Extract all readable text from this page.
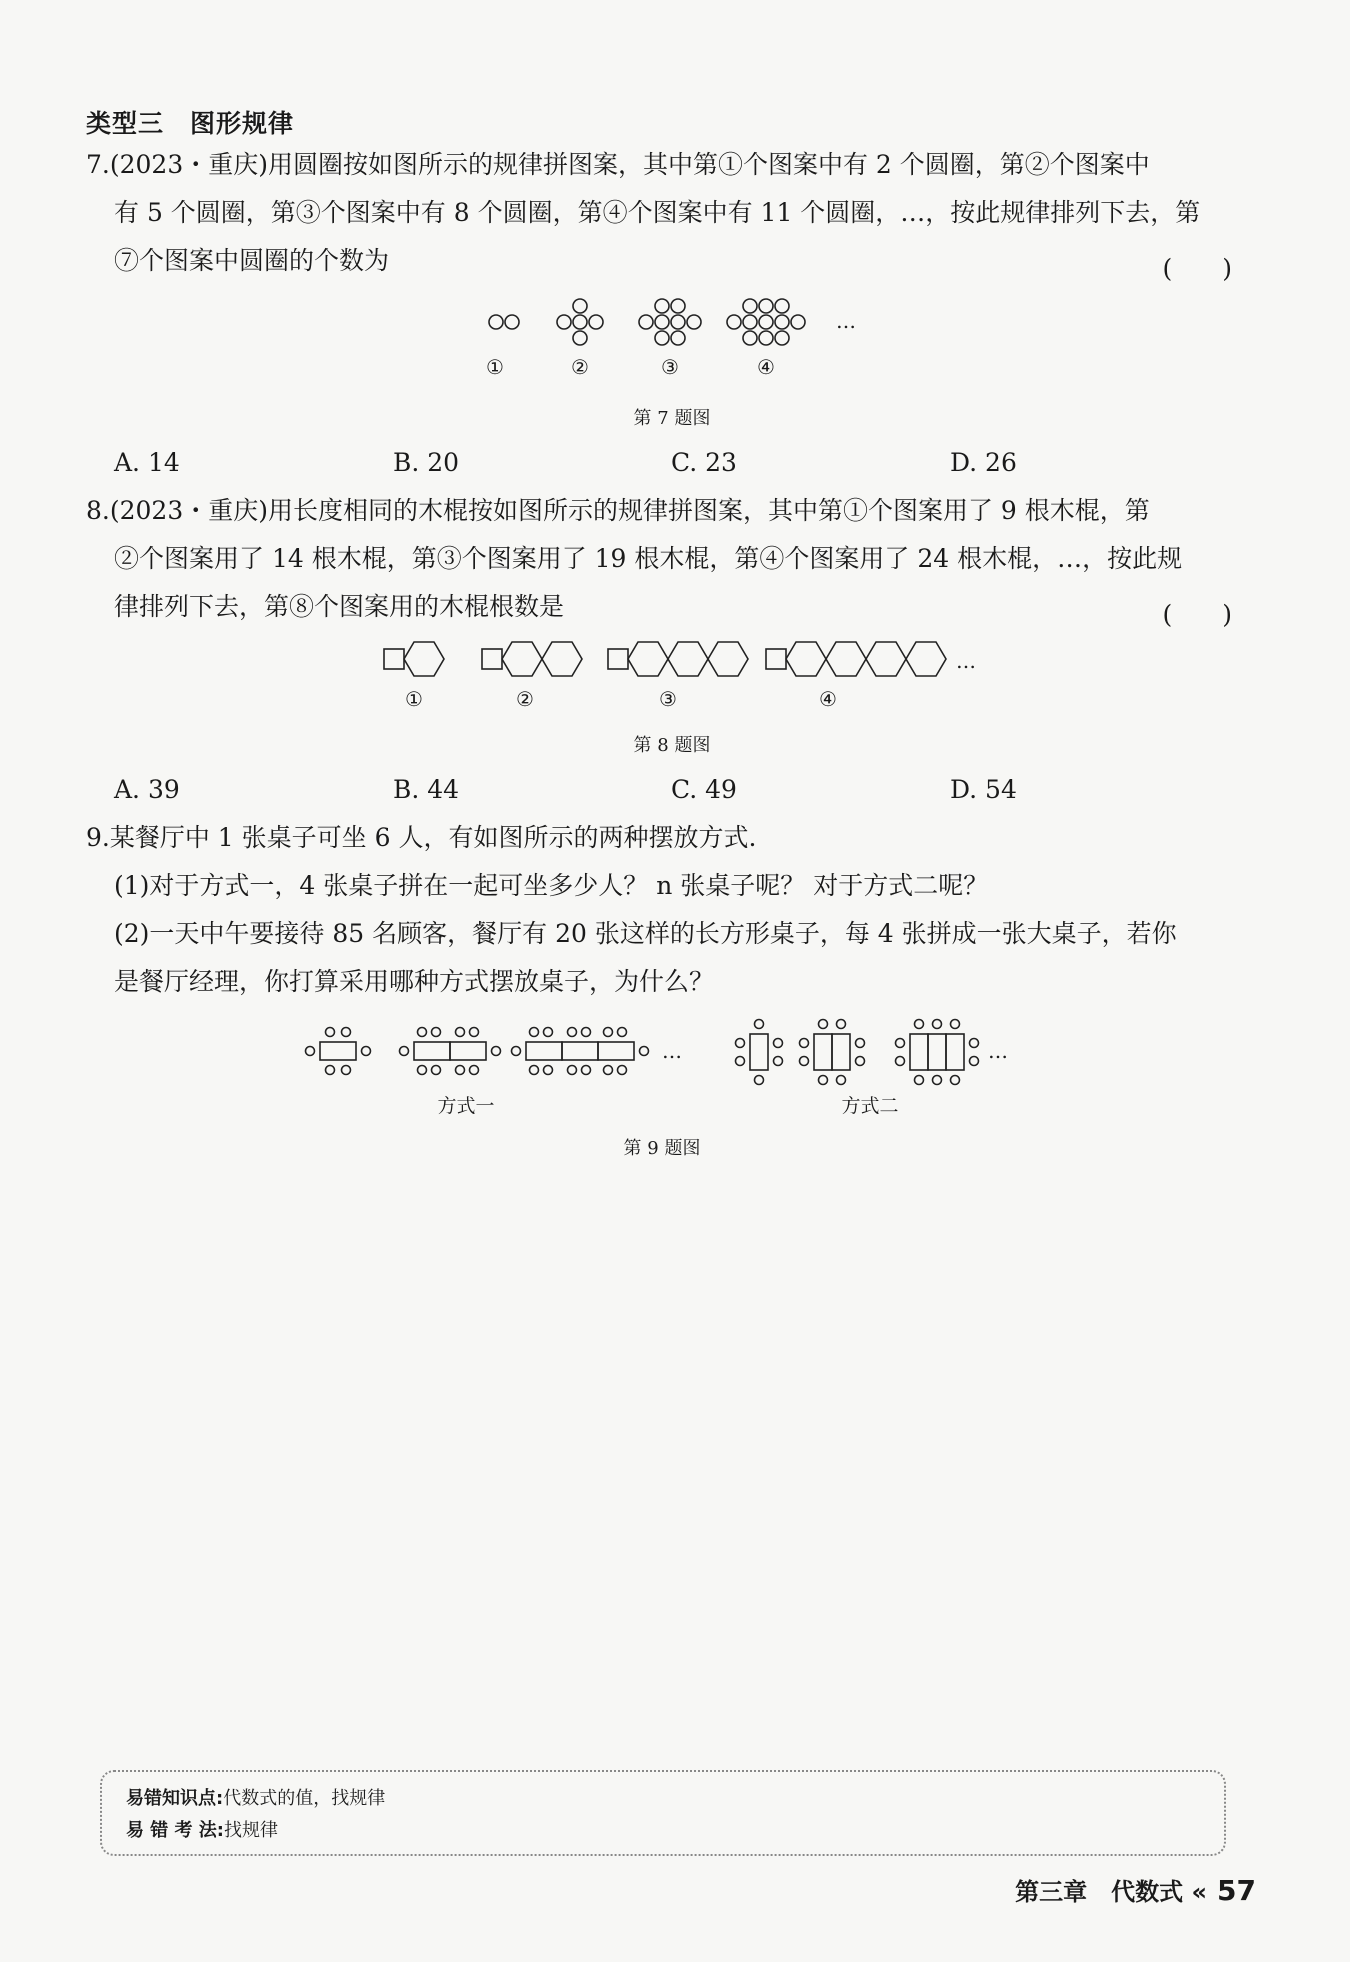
类型三　图形规律
7.(2023・重庆)用圆圈按如图所示的规律拼图案，其中第①个图案中有 2 个圆圈，第②个图案中
有 5 个圆圈，第③个图案中有 8 个圆圈，第④个图案中有 11 个圆圈，…，按此规律排列下去，第
⑦个图案中圆圈的个数为	(　　)
…
①	②	③	④
第 7 题图
A. 14	B. 20	C. 23	D. 26
8.(2023・重庆)用长度相同的木棍按如图所示的规律拼图案，其中第①个图案用了 9 根木棍，第
②个图案用了 14 根木棍，第③个图案用了 19 根木棍，第④个图案用了 24 根木棍，…，按此规
律排列下去，第⑧个图案用的木棍根数是	(　　)
…
①	②	③	④
第 8 题图
A. 39	B. 44	C. 49	D. 54
9.某餐厅中 1 张桌子可坐 6 人，有如图所示的两种摆放方式.
(1)对于方式一，4 张桌子拼在一起可坐多少人？ n 张桌子呢？ 对于方式二呢？
(2)一天中午要接待 85 名顾客，餐厅有 20 张这样的长方形桌子，每 4 张拼成一张大桌子，若你
是餐厅经理，你打算采用哪种方式摆放桌子，为什么？
…	…
方式一	方式二
第 9 题图
易错知识点:代数式的值，找规律
易 错 考 法:找规律
第三章　代数式 « 57
